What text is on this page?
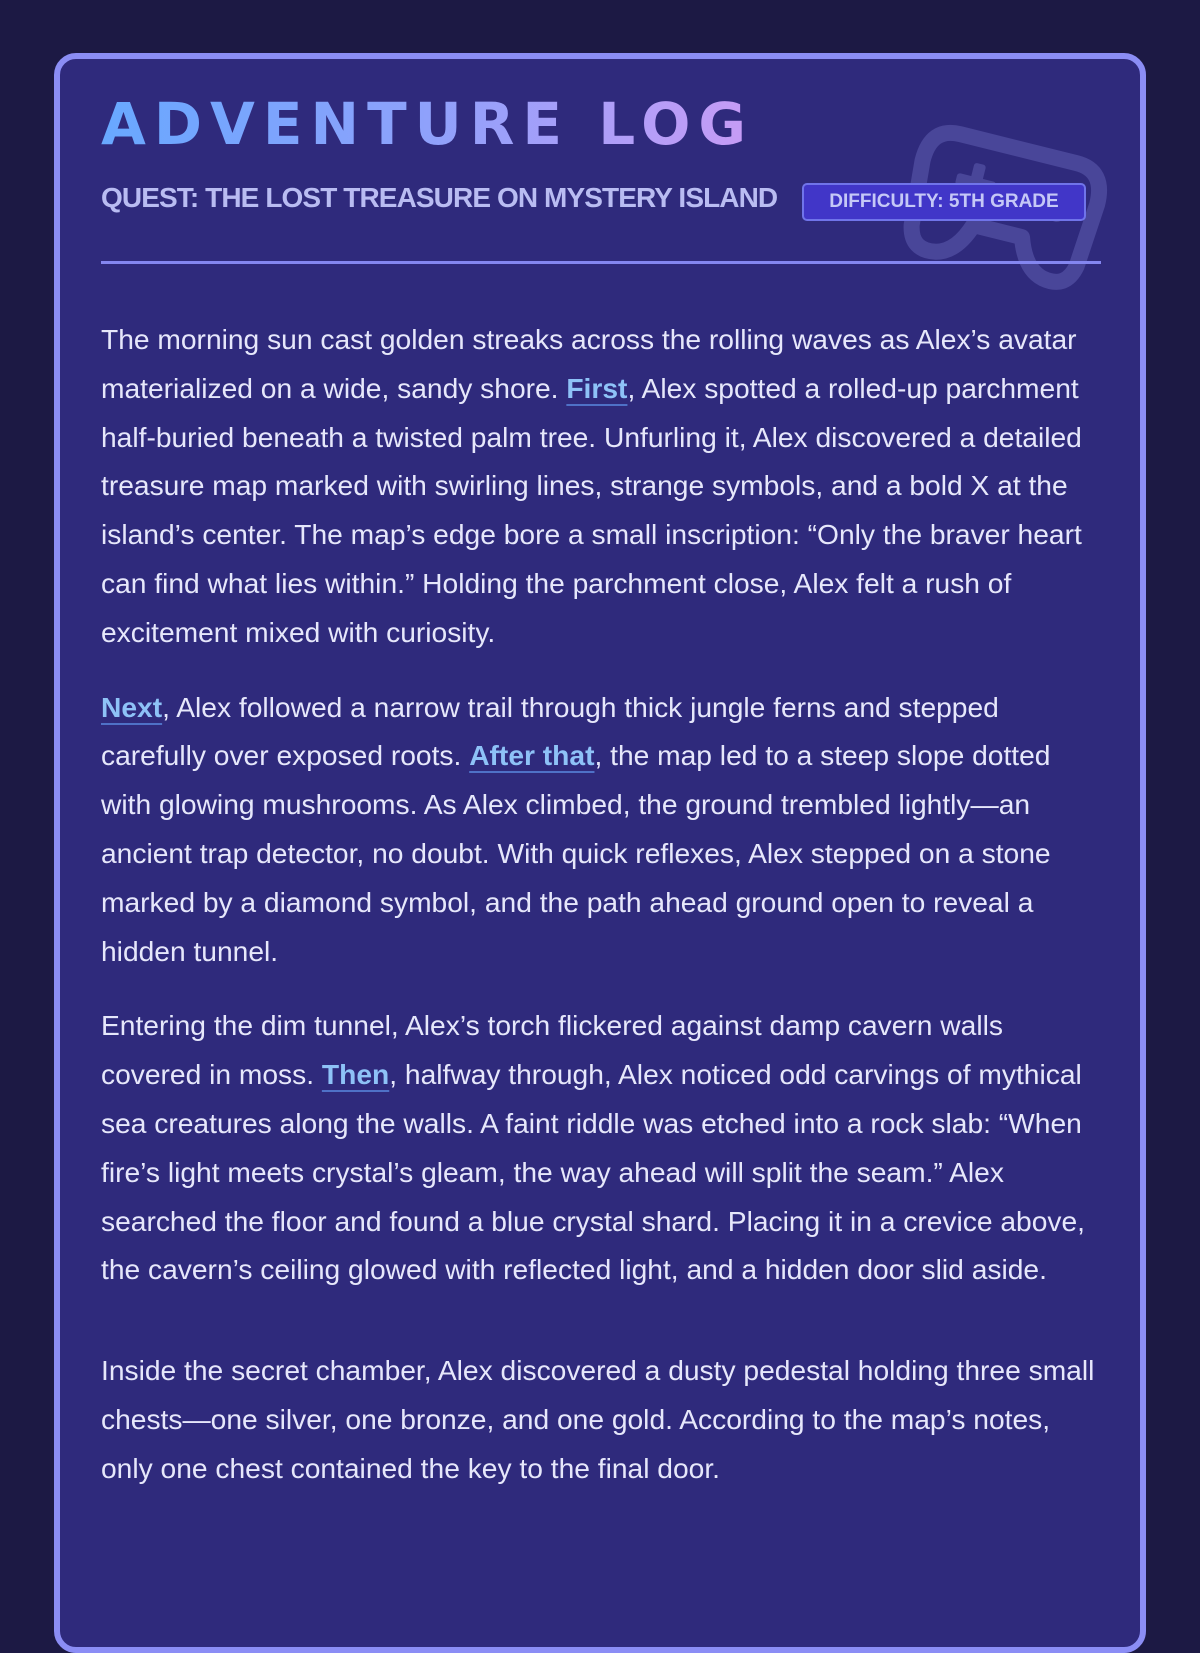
ADVENTURE LOG
QUEST: THE LOST TREASURE ON MYSTERY ISLAND	DIFFICULTY: 5TH GRADE

The morning sun cast golden streaks across the rolling waves as Alex’s avatar materialized on a wide, sandy shore. First, Alex spotted a rolled-up parchment half-buried beneath a twisted palm tree. Unfurling it, Alex discovered a detailed treasure map marked with swirling lines, strange symbols, and a bold X at the island’s center. The map’s edge bore a small inscription: “Only the braver heart can find what lies within.” Holding the parchment close, Alex felt a rush of excitement mixed with curiosity.

Next, Alex followed a narrow trail through thick jungle ferns and stepped carefully over exposed roots. After that, the map led to a steep slope dotted with glowing mushrooms. As Alex climbed, the ground trembled lightly—an ancient trap detector, no doubt. With quick reflexes, Alex stepped on a stone marked by a diamond symbol, and the path ahead ground open to reveal a hidden tunnel.

Entering the dim tunnel, Alex’s torch flickered against damp cavern walls covered in moss. Then, halfway through, Alex noticed odd carvings of mythical sea creatures along the walls. A faint riddle was etched into a rock slab: “When fire’s light meets crystal’s gleam, the way ahead will split the seam.” Alex searched the floor and found a blue crystal shard. Placing it in a crevice above, the cavern’s ceiling glowed with reflected light, and a hidden door slid aside.

Inside the secret chamber, Alex discovered a dusty pedestal holding three small chests—one silver, one bronze, and one gold. According to the map’s notes, only one chest contained the key to the final door.
